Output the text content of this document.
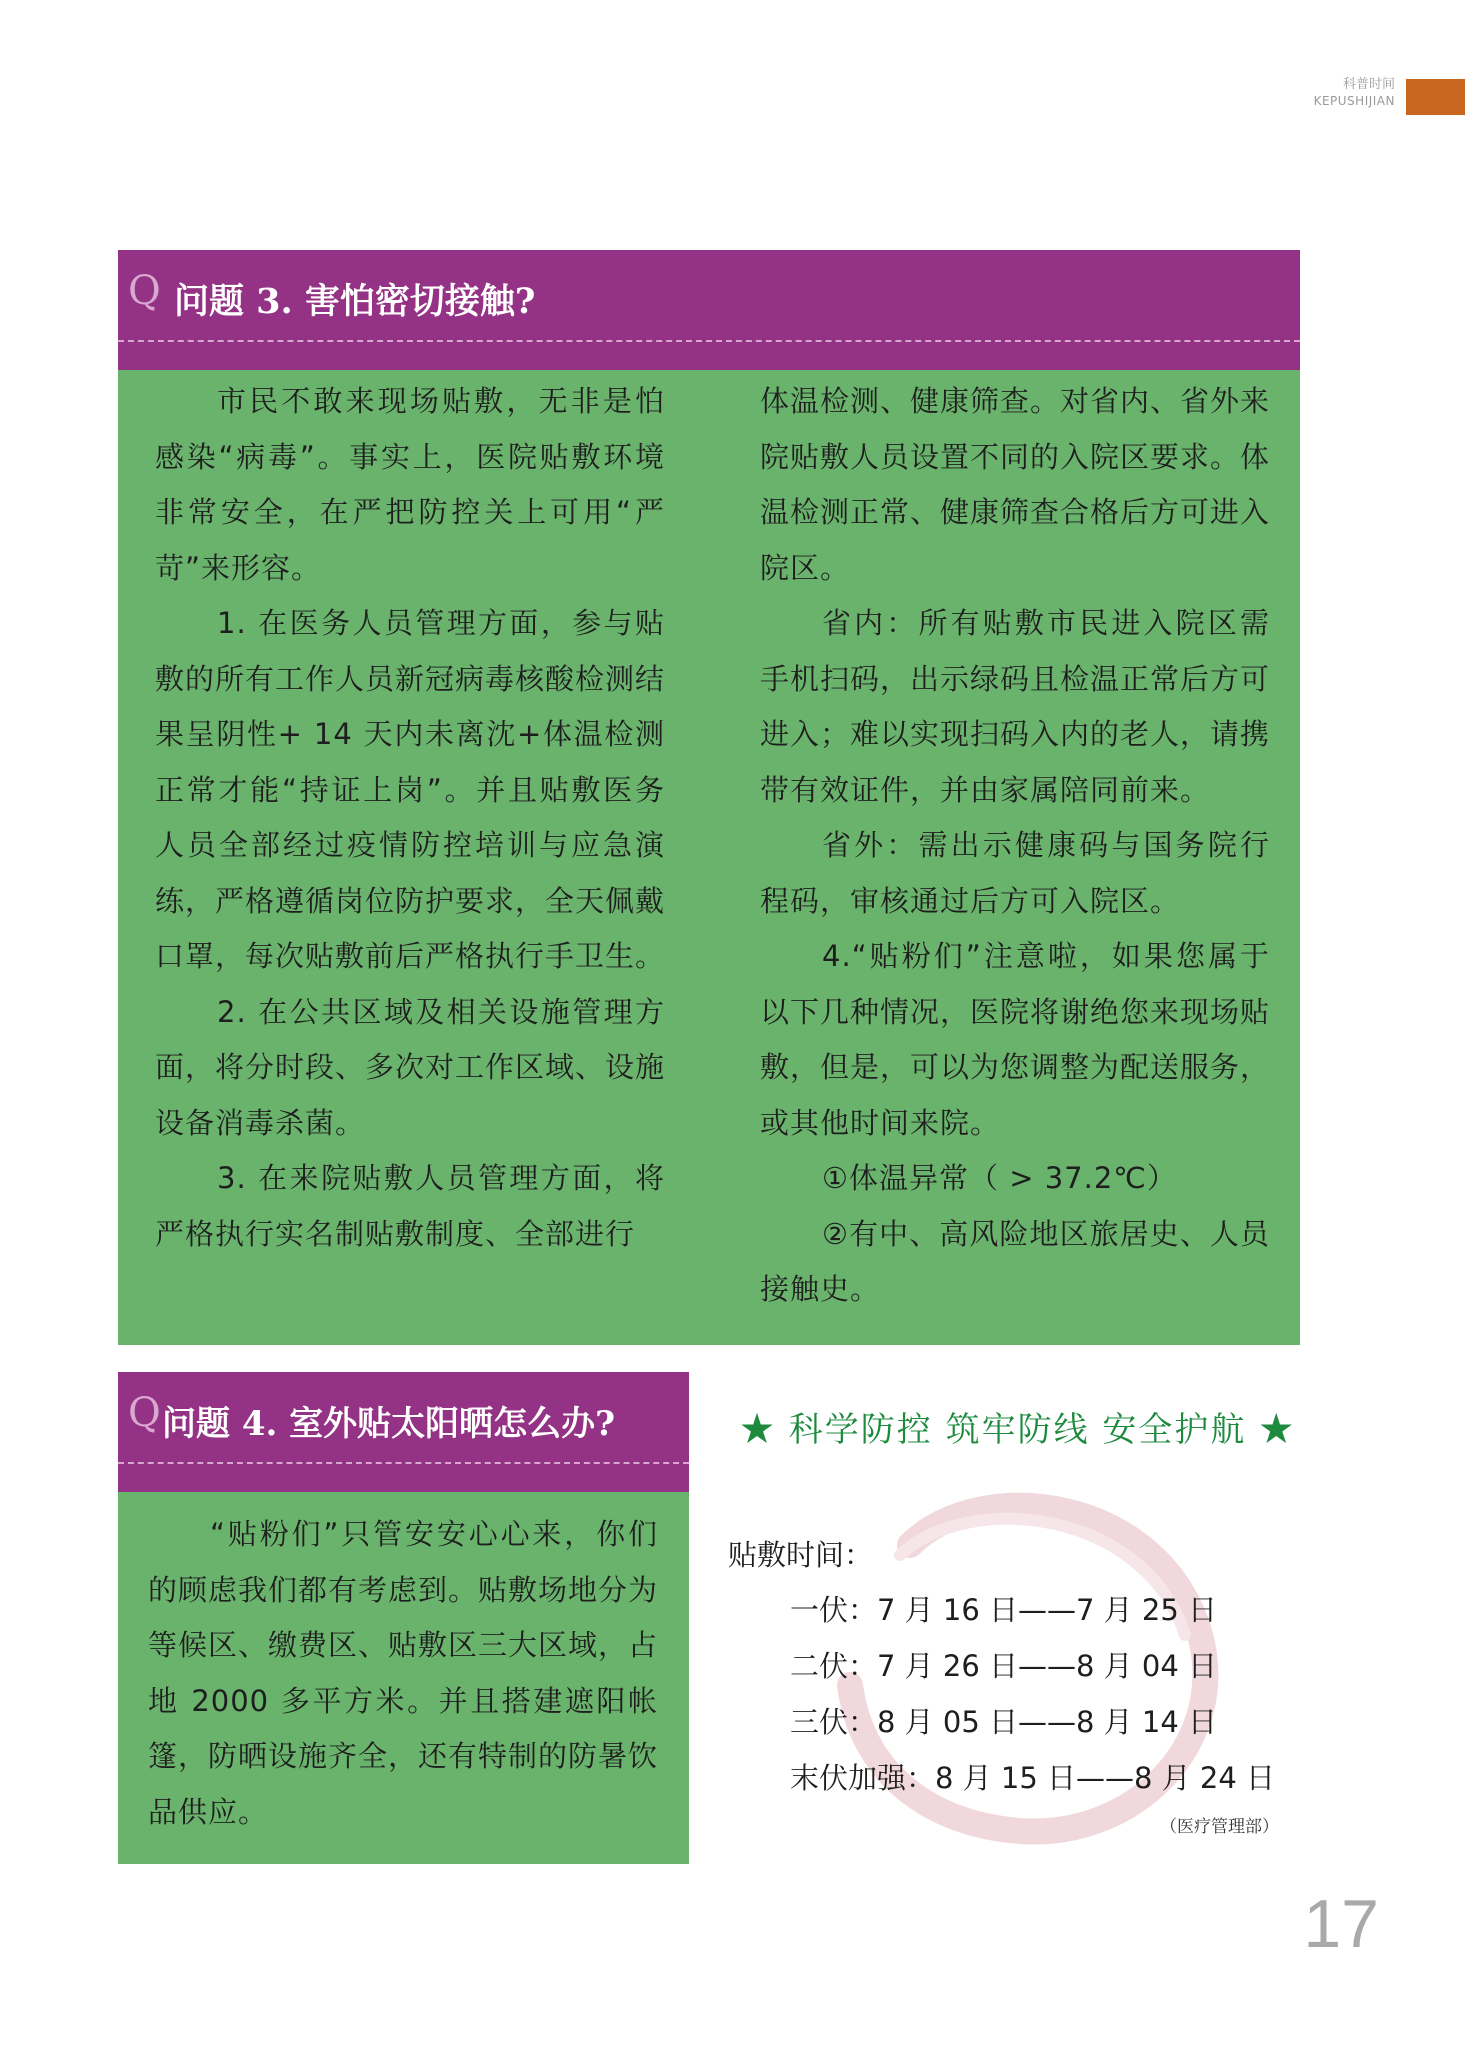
科普时间
KEPUSHIJIAN
Q 问题 3. 害怕密切接触?

市民不敢来现场贴敷，无非是怕感染“病毒”。事实上，医院贴敷环境非常安全，在严把防控关上可用“严苛”来形容。

1. 在医务人员管理方面，参与贴敷的所有工作人员新冠病毒核酸检测结果呈阴性+ 14 天内未离沈+体温检测正常才能“持证上岗”。并且贴敷医务人员全部经过疫情防控培训与应急演练，严格遵循岗位防护要求，全天佩戴口罩，每次贴敷前后严格执行手卫生。

2. 在公共区域及相关设施管理方面，将分时段、多次对工作区域、设施设备消毒杀菌。

3. 在来院贴敷人员管理方面，将严格执行实名制贴敷制度、全部进行

体温检测、健康筛查。对省内、省外来院贴敷人员设置不同的入院区要求。体温检测正常、健康筛查合格后方可进入院区。

省内：所有贴敷市民进入院区需手机扫码，出示绿码且检温正常后方可进入；难以实现扫码入内的老人，请携带有效证件，并由家属陪同前来。

省外：需出示健康码与国务院行程码，审核通过后方可入院区。

4.“贴粉们”注意啦，如果您属于以下几种情况，医院将谢绝您来现场贴敷，但是，可以为您调整为配送服务，或其他时间来院。

①体温异常（ > 37.2℃）

②有中、高风险地区旅居史、人员接触史。

Q 问题 4. 室外贴太阳晒怎么办?

“贴粉们”只管安安心心来，你们的顾虑我们都有考虑到。贴敷场地分为等候区、缴费区、贴敷区三大区域，占地 2000 多平方米。并且搭建遮阳帐篷，防晒设施齐全，还有特制的防暑饮品供应。

★ 科学防控 筑牢防线 安全护航 ★
贴敷时间：
一伏：7 月 16 日——7 月 25 日
二伏：7 月 26 日——8 月 04 日
三伏：8 月 05 日——8 月 14 日
末伏加强：8 月 15 日——8 月 24 日
（医疗管理部）
17
